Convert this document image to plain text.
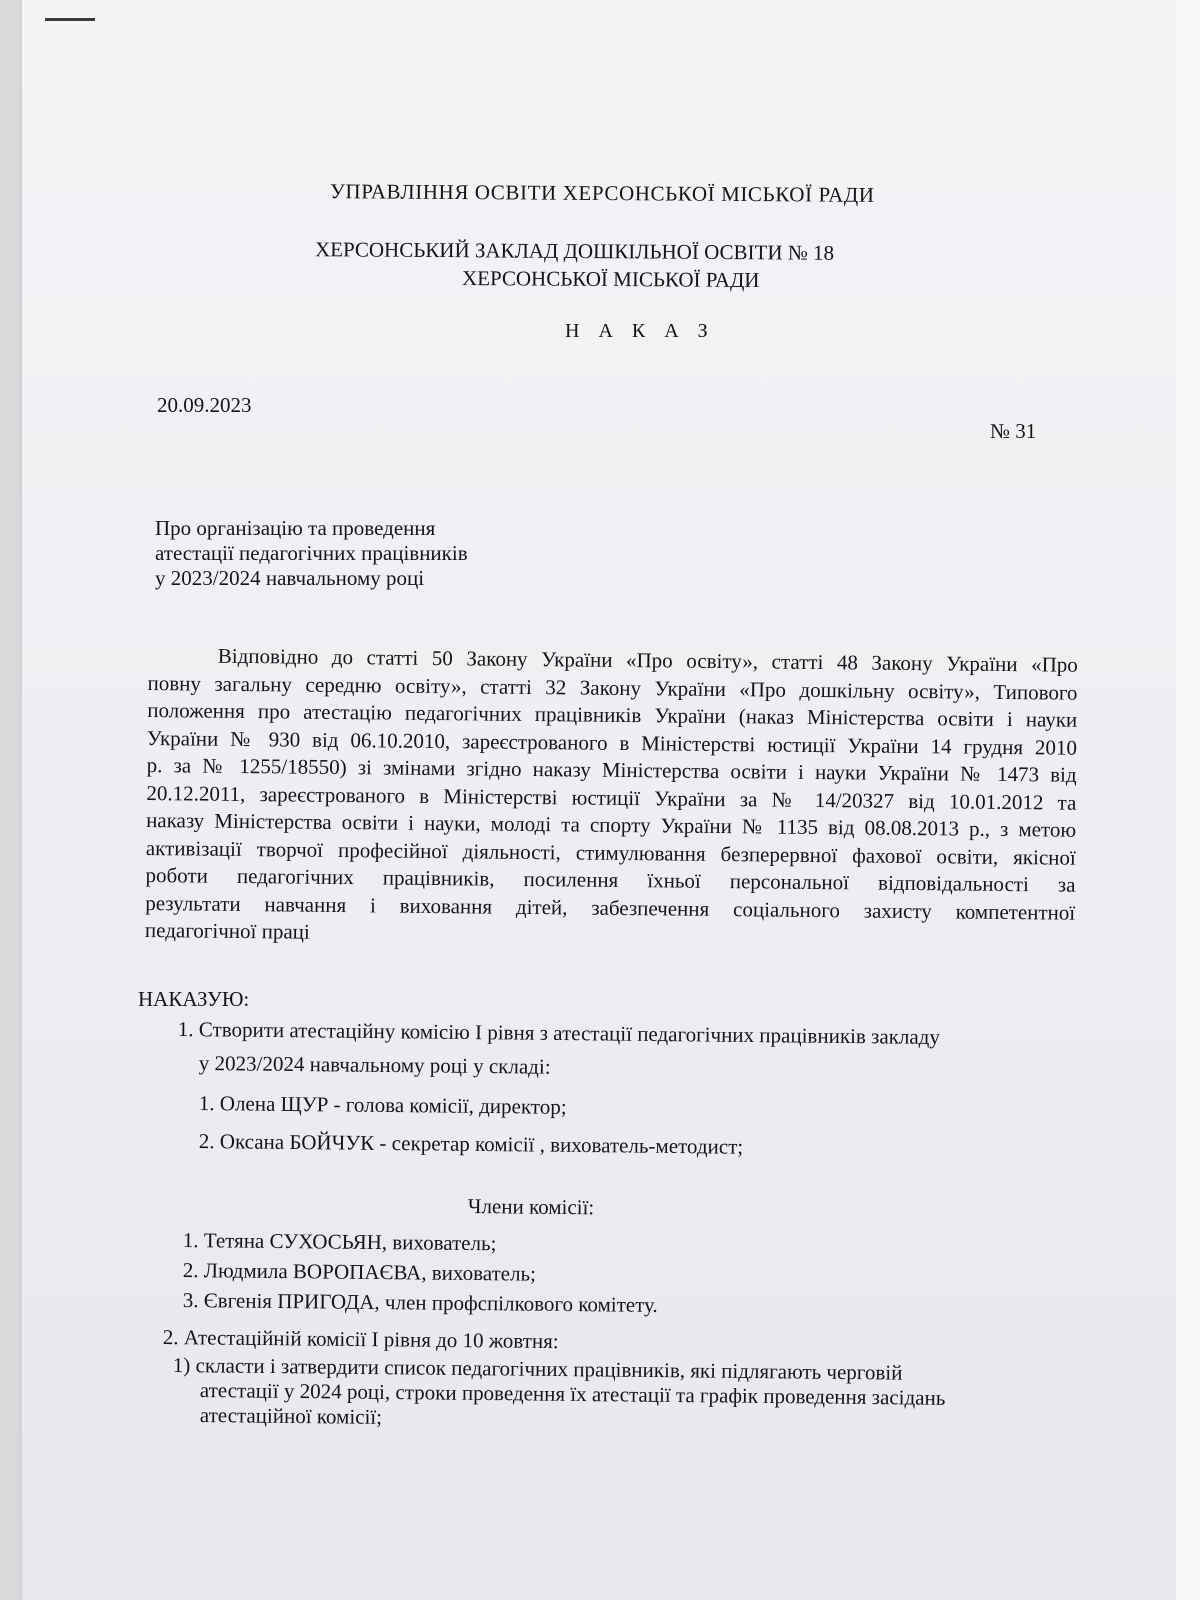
УПРАВЛІННЯ ОСВІТИ ХЕРСОНСЬКОЇ МІСЬКОЇ РАДИ
ХЕРСОНСЬКИЙ ЗАКЛАД ДОШКІЛЬНОЇ ОСВІТИ № 18
ХЕРСОНСЬКОЇ МІСЬКОЇ РАДИ
Н А К А З
20.09.2023
№ 31
Про організацію та проведення
атестації педагогічних працівників
у 2023/2024 навчальному році
Відповідно до статті 50 Закону України «Про освіту», статті 48 Закону України «Про
повну загальну середню освіту», статті 32 Закону України «Про дошкільну освіту», Типового
положення про атестацію педагогічних працівників України (наказ Міністерства освіти і науки
України № 930 від 06.10.2010, зареєстрованого в Міністерстві юстиції України 14 грудня 2010
р. за № 1255/18550) зі змінами згідно наказу Міністерства освіти і науки України № 1473 від
20.12.2011, зареєстрованого в Міністерстві юстиції України за № 14/20327 від 10.01.2012 та
наказу Міністерства освіти і науки, молоді та спорту України № 1135 від 08.08.2013 р., з метою
активізації творчої професійної діяльності, стимулювання безперервної фахової освіти, якісної
роботи педагогічних працівників, посилення їхньої персональної відповідальності за
результати навчання і виховання дітей, забезпечення соціального захисту компетентної
педагогічної праці
НАКАЗУЮ:
1. Створити атестаційну комісію І рівня з атестації педагогічних працівників закладу
у 2023/2024 навчальному році у складі:
1. Олена ЩУР - голова комісії, директор;
2. Оксана БОЙЧУК - секретар комісії , вихователь-методист;
Члени комісії:
1. Тетяна СУХОСЬЯН, вихователь;
2. Людмила ВОРОПАЄВА, вихователь;
3. Євгенія ПРИГОДА, член профспілкового комітету.
2. Атестаційній комісії І рівня до 10 жовтня:
1) скласти і затвердити список педагогічних працівників, які підлягають черговій
атестації у 2024 році, строки проведення їх атестації та графік проведення засідань
атестаційної комісії;
